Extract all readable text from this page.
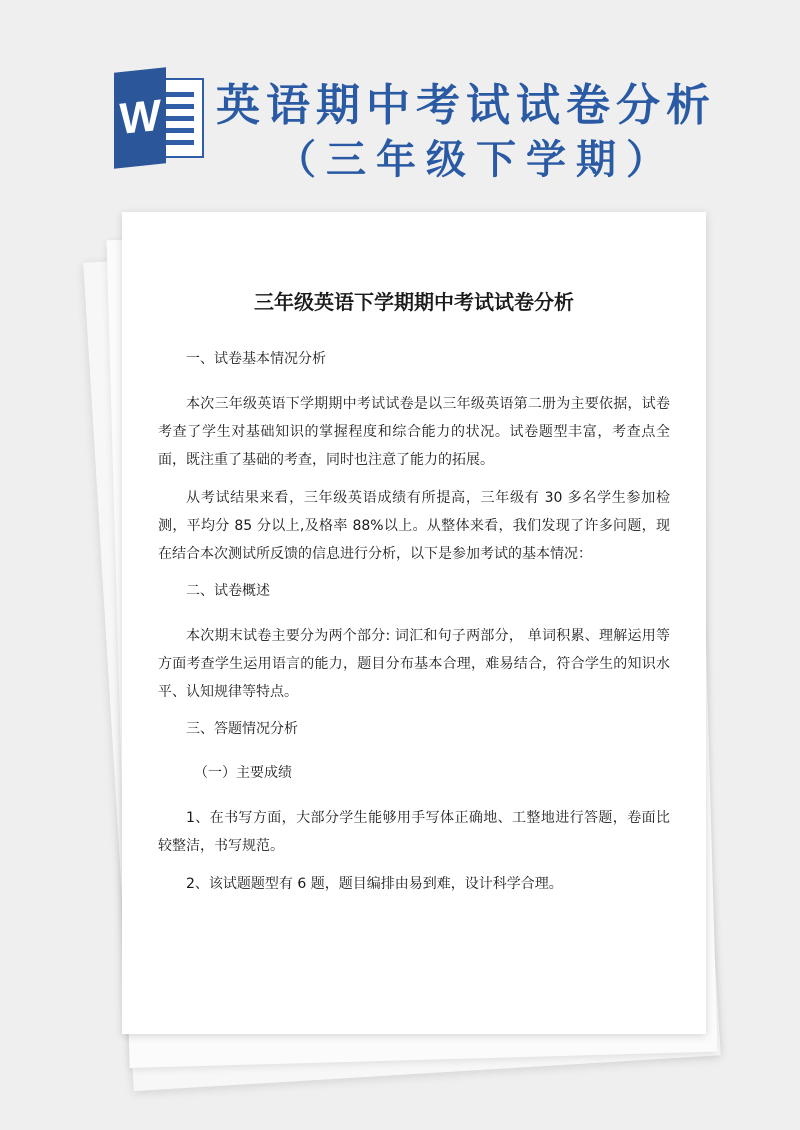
W 英语期中考试试卷分析
（三年级下学期）
三年级英语下学期期中考试试卷分析

一、试卷基本情况分析

本次三年级英语下学期期中考试试卷是以三年级英语第二册为主要依据，试卷考查了学生对基础知识的掌握程度和综合能力的状况。试卷题型丰富，考查点全面，既注重了基础的考查，同时也注意了能力的拓展。

从考试结果来看，三年级英语成绩有所提高，三年级有 30 多名学生参加检测，平均分 85 分以上,及格率 88%以上。从整体来看，我们发现了许多问题，现在结合本次测试所反馈的信息进行分析，以下是参加考试的基本情况：

二、试卷概述

本次期末试卷主要分为两个部分: 词汇和句子两部分， 单词积累、理解运用等方面考查学生运用语言的能力，题目分布基本合理，难易结合，符合学生的知识水平、认知规律等特点。

三、答题情况分析

（一）主要成绩

1、在书写方面，大部分学生能够用手写体正确地、工整地进行答题，卷面比较整洁，书写规范。

2、该试题题型有 6 题，题目编排由易到难，设计科学合理。
